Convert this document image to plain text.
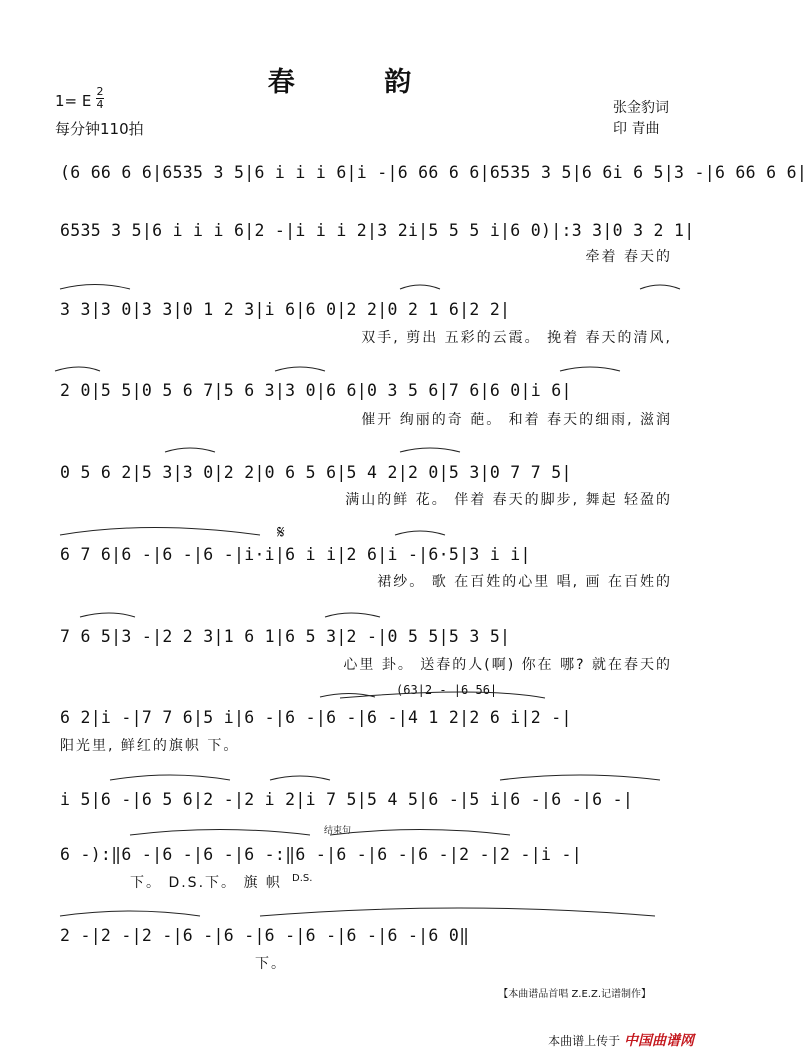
春 韵
1= E
2
4
每分钟110拍
张金豹词
印 青曲
(6 66 6 6|6535 3 5|6 i i i 6|i -|6 66 6 6|6535 3 5|6 6i 6 5|3 -|6 66 6 6|
6535 3 5|6 i i i 6|2 -|i i i 2|3 2i|5 5 5 i|6 0)|:3 3|0 3 2 1|
牵着 春天的
3 3|3 0|3 3|0 1 2 3|i 6|6 0|2 2|0 2 1 6|2 2|
双手, 剪出 五彩的云霞。 挽着 春天的清风,
2 0|5 5|0 5 6 7|5 6 3|3 0|6 6|0 3 5 6|7 6|6 0|i 6|
催开 绚丽的奇 葩。 和着 春天的细雨, 滋润
0 5 6 2|5 3|3 0|2 2|0 6 5 6|5 4 2|2 0|5 3|0 7 7 5|
满山的鲜 花。 伴着 春天的脚步, 舞起 轻盈的
𝄋
6 7 6|6 -|6 -|6 -|i·i|6 i i|2 6|i -|6·5|3 i i|
裙纱。 歌 在百姓的心里 唱, 画 在百姓的
7 6 5|3 -|2 2 3|1 6 1|6 5 3|2 -|0 5 5|5 3 5|
心里 卦。 送春的人(啊) 你在 哪? 就在春天的
(63|2 - |6 56|
6 2|i -|7 7 6|5 i|6 -|6 -|6 -|6 -|4 1 2|2 6 i|2 -|
阳光里, 鲜红的旗帜 下。
i 5|6 -|6 5 6|2 -|2 i 2|i 7 5|5 4 5|6 -|5 i|6 -|6 -|6 -|
结束句
6 -):‖6 -|6 -|6 -|6 -:‖6 -|6 -|6 -|6 -|2 -|2 -|i -|
下。 D.S.下。 旗 帜
2 -|2 -|2 -|6 -|6 -|6 -|6 -|6 -|6 -|6 0‖
下。
D.S.
【本曲谱品首唱 Z.E.Z.记谱制作】
本曲谱上传于 中国曲谱网
